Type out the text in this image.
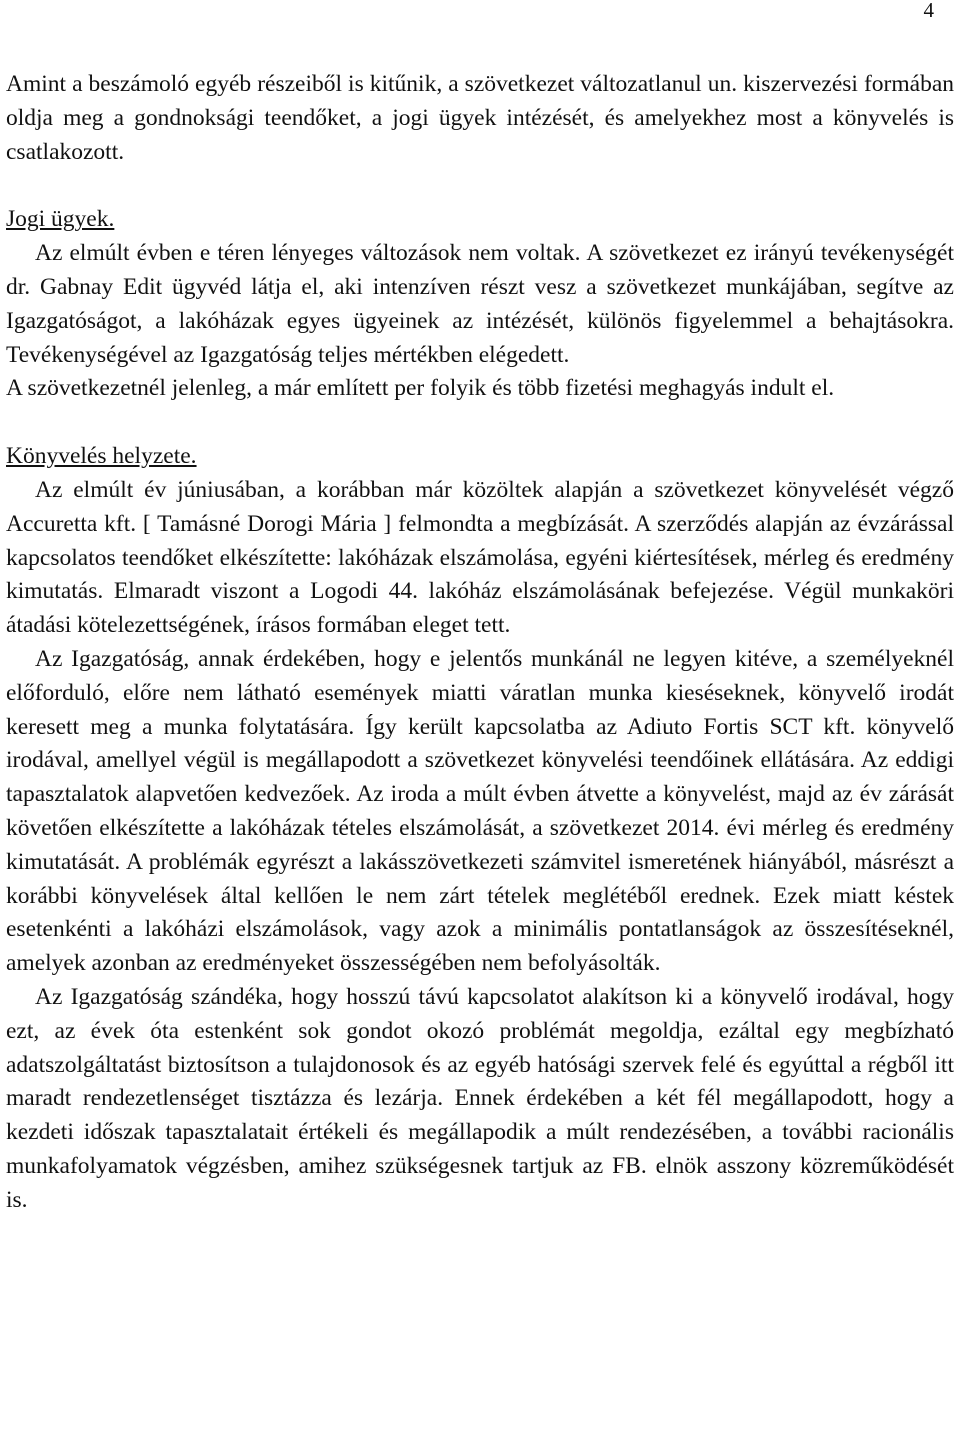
4

Amint a beszámoló egyéb részeiből is kitűnik, a szövetkezet változatlanul un. kiszervezési formában oldja meg a gondnoksági teendőket, a jogi ügyek intézését, és amelyekhez most a könyvelés is csatlakozott.

Jogi ügyek.

Az elmúlt évben e téren lényeges változások nem voltak. A szövetkezet ez irányú tevékenységét dr. Gabnay Edit ügyvéd látja el, aki intenzíven részt vesz a szövetkezet munkájában, segítve az Igazgatóságot, a lakóházak egyes ügyeinek az intézését, különös figyelemmel a behajtásokra. Tevékenységével az Igazgatóság teljes mértékben elégedett.

A szövetkezetnél jelenleg, a már említett per folyik és több fizetési meghagyás indult el.

Könyvelés helyzete.

Az elmúlt év júniusában, a korábban már közöltek alapján a szövetkezet könyvelését végző Accuretta kft. [ Tamásné Dorogi Mária ] felmondta a megbízását. A szerződés alapján az évzárással kapcsolatos teendőket elkészítette: lakóházak elszámolása, egyéni kiértesítések, mérleg és eredmény kimutatás. Elmaradt viszont a Logodi 44. lakóház elszámolásának befejezése. Végül munkaköri átadási kötelezettségének, írásos formában eleget tett.

Az Igazgatóság, annak érdekében, hogy e jelentős munkánál ne legyen kitéve, a személyeknél előforduló, előre nem látható események miatti váratlan munka kieséseknek, könyvelő irodát keresett meg a munka folytatására. Így került kapcsolatba az Adiuto Fortis SCT kft. könyvelő irodával, amellyel végül is megállapodott a szövetkezet könyvelési teendőinek ellátására. Az eddigi tapasztalatok alapvetően kedvezőek. Az iroda a múlt évben átvette a könyvelést, majd az év zárását követően elkészítette a lakóházak tételes elszámolását, a szövetkezet 2014. évi mérleg és eredmény kimutatását. A problémák egyrészt a lakásszövetkezeti számvitel ismeretének hiányából, másrészt a korábbi könyvelések által kellően le nem zárt tételek meglétéből erednek. Ezek miatt késtek esetenkénti a lakóházi elszámolások, vagy azok a minimális pontatlanságok az összesítéseknél, amelyek azonban az eredményeket összességében nem befolyásolták.

Az Igazgatóság szándéka, hogy hosszú távú kapcsolatot alakítson ki a könyvelő irodával, hogy ezt, az évek óta estenként sok gondot okozó problémát megoldja, ezáltal egy megbízható adatszolgáltatást biztosítson a tulajdonosok és az egyéb hatósági szervek felé és egyúttal a régből itt maradt rendezetlenséget tisztázza és lezárja. Ennek érdekében a két fél megállapodott, hogy a kezdeti időszak tapasztalatait értékeli és megállapodik a múlt rendezésében, a további racionális munkafolyamatok végzésben, amihez szükségesnek tartjuk az FB. elnök asszony közreműködését is.
